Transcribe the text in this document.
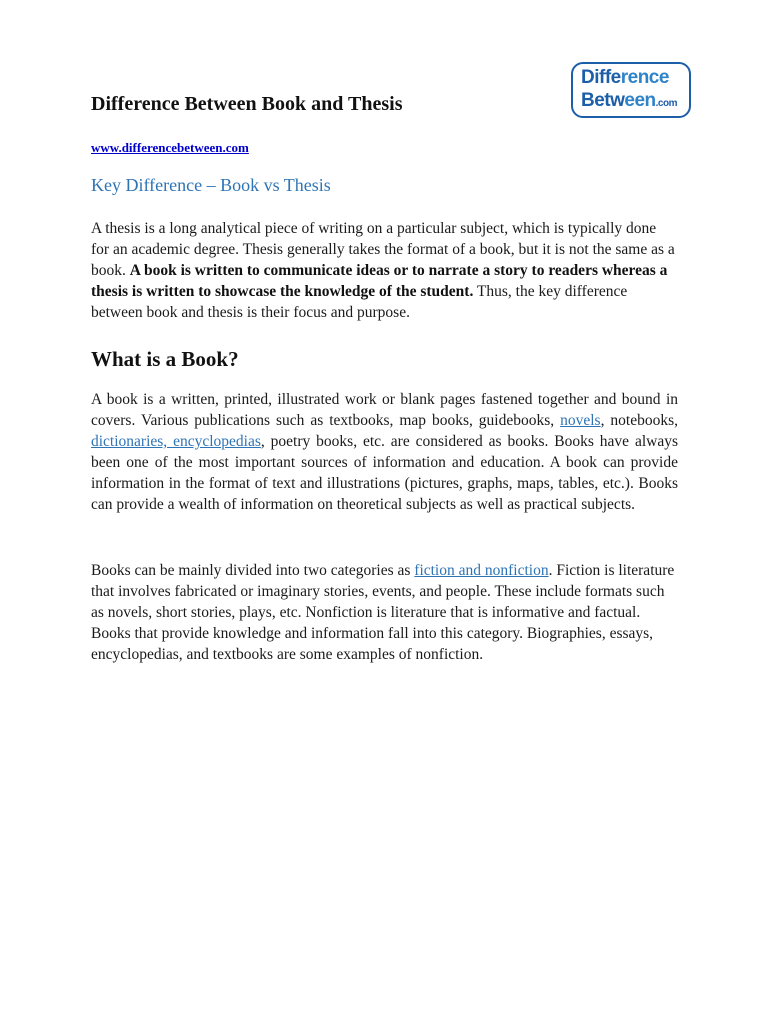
Difference Between Book and Thesis
Difference
Between.com
www.differencebetween.com
Key Difference – Book vs Thesis

A thesis is a long analytical piece of writing on a particular subject, which is typically done for an academic degree. Thesis generally takes the format of a book, but it is not the same as a book. A book is written to communicate ideas or to narrate a story to readers whereas a thesis is written to showcase the knowledge of the student. Thus, the key difference between book and thesis is their focus and purpose.

What is a Book?

A book is a written, printed, illustrated work or blank pages fastened together and bound in covers. Various publications such as textbooks, map books, guidebooks, novels, notebooks, dictionaries, encyclopedias, poetry books, etc. are considered as books. Books have always been one of the most important sources of information and education. A book can provide information in the format of text and illustrations (pictures, graphs, maps, tables, etc.). Books can provide a wealth of information on theoretical subjects as well as practical subjects.

Books can be mainly divided into two categories as fiction and nonfiction. Fiction is literature that involves fabricated or imaginary stories, events, and people. These include formats such as novels, short stories, plays, etc. Nonfiction is literature that is informative and factual. Books that provide knowledge and information fall into this category. Biographies, essays, encyclopedias, and textbooks are some examples of nonfiction.
